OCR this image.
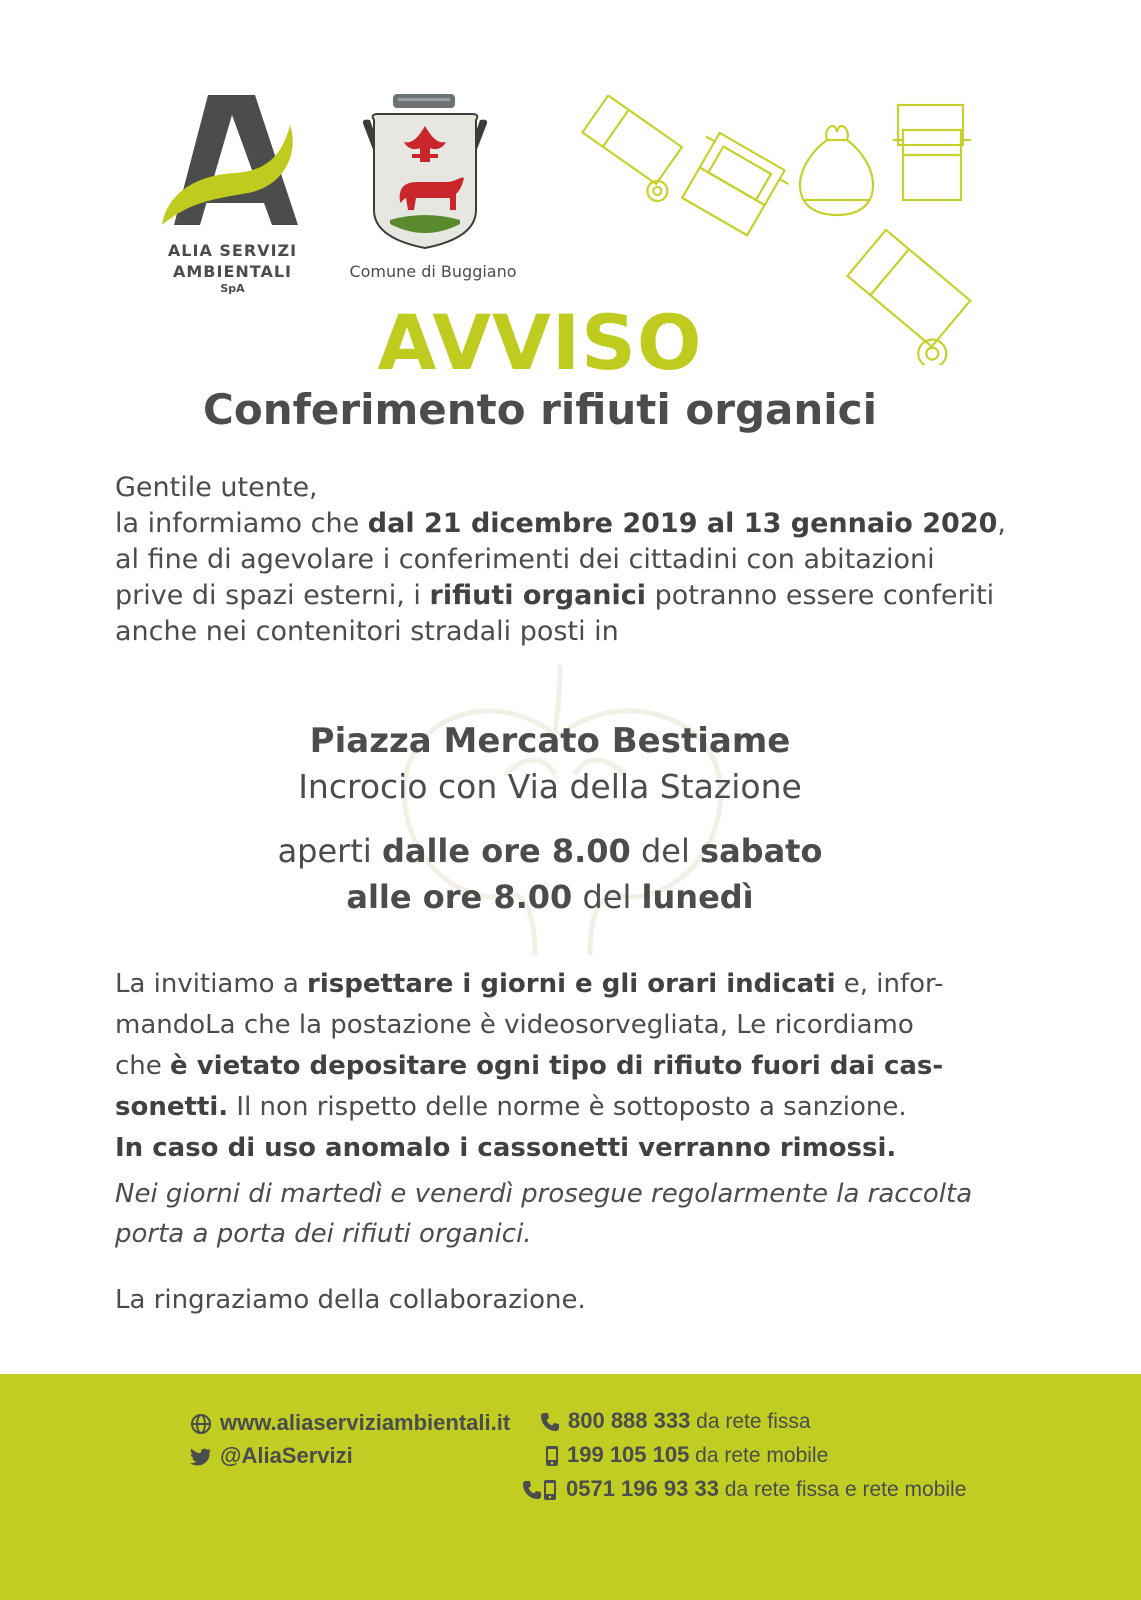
ALIA SERVIZI
AMBIENTALI
SpA
Comune di Buggiano
AVVISO
Conferimento rifiuti organici
Gentile utente,
la informiamo che dal 21 dicembre 2019 al 13 gennaio 2020,
al fine di agevolare i conferimenti dei cittadini con abitazioni
prive di spazi esterni, i rifiuti organici potranno essere conferiti
anche nei contenitori stradali posti in
Piazza Mercato Bestiame
Incrocio con Via della Stazione
aperti dalle ore 8.00 del sabato
alle ore 8.00 del lunedì
La invitiamo a rispettare i giorni e gli orari indicati e, infor-
mandoLa che la postazione è videosorvegliata, Le ricordiamo
che è vietato depositare ogni tipo di rifiuto fuori dai cas-
sonetti. Il non rispetto delle norme è sottoposto a sanzione.
In caso di uso anomalo i cassonetti verranno rimossi.
Nei giorni di martedì e venerdì prosegue regolarmente la raccolta
porta a porta dei rifiuti organici.
La ringraziamo della collaborazione.
www.aliaserviziambientali.it
@AliaServizi
800 888 333 da rete fissa
199 105 105 da rete mobile
0571 196 93 33 da rete fissa e rete mobile
